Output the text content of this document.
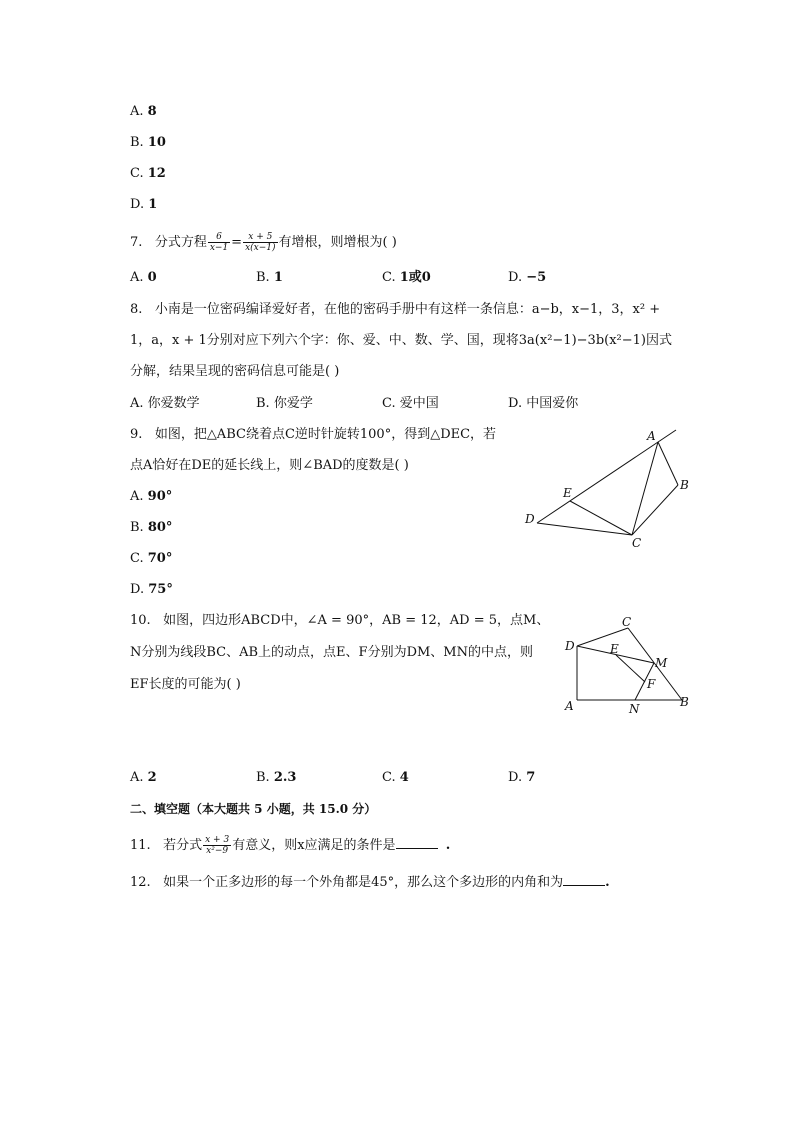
A. 8
B. 10
C. 12
D. 1
7. 分式方程 $\frac{6}{x-1} = \frac{x + 5}{x(x-1)}$ 有增根，则增根为( )
A. 0	B. 1	C. 1或0	D. −5
8. 小南是一位密码编译爱好者，在他的密码手册中有这样一条信息：a−b，x−1，3，x² +
1，a，x + 1分别对应下列六个字：你、爱、中、数、学、国，现将3a(x²−1)−3b(x²−1)因式
分解，结果呈现的密码信息可能是( )
A. 你爱数学	B. 你爱学	C. 爱中国	D. 中国爱你
9. 如图，把△ABC绕着点C逆时针旋转100°，得到△DEC，若
点A恰好在DE的延长线上，则∠BAD的度数是( )
A. 90°
B. 80°
C. 70°
D. 75°
A
B
C
D
E
10. 如图，四边形ABCD中，∠A = 90°，AB = 12，AD = 5，点M、
N分别为线段BC、AB上的动点，点E、F分别为DM、MN的中点，则
EF长度的可能为( )
A	B
C
D	E
F
M
N
A. 2	B. 2.3	C. 4	D. 7
二、填空题（本大题共 5 小题，共 15.0 分）
11. 若分式 $\frac{x + 3}{\text{x²−9}}$ 有意义，则x应满足的条件是	.
12. 如果一个正多边形的每一个外角都是45°，那么这个多边形的内角和为	.
